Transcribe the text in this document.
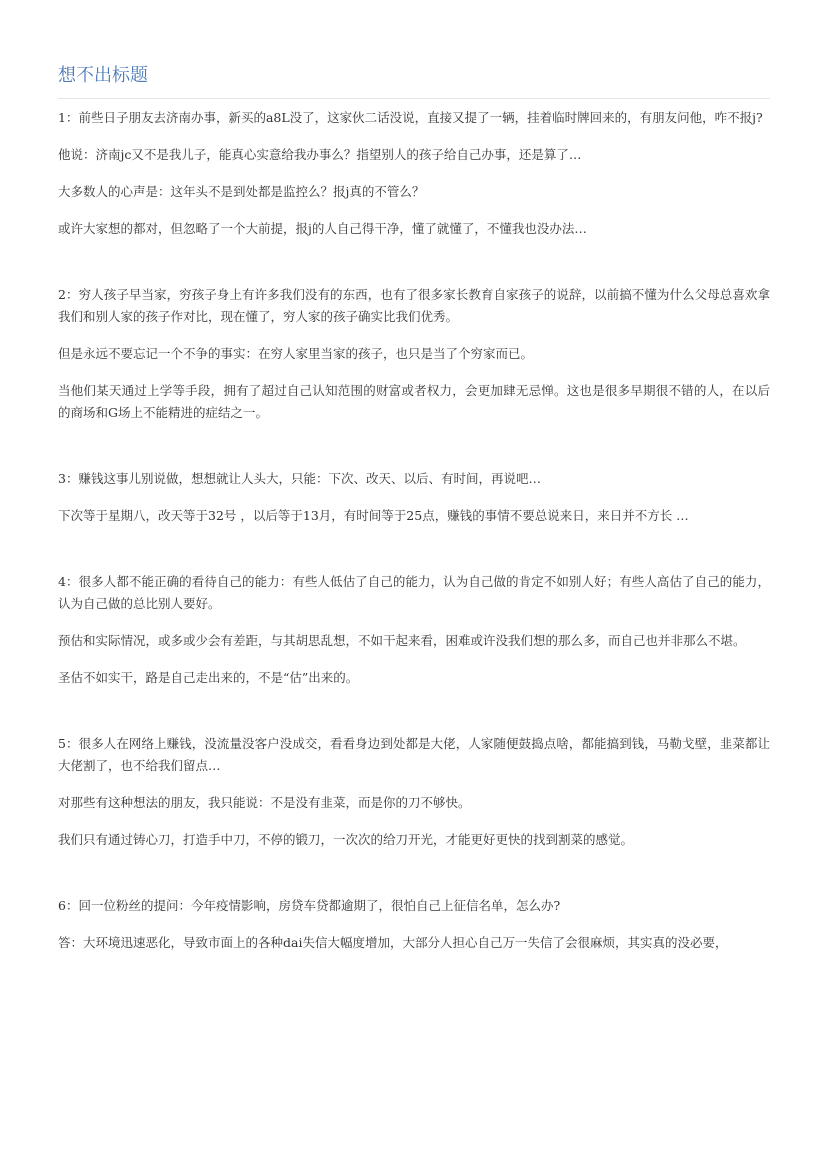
想不出标题

1：前些日子朋友去济南办事，新买的a8L没了，这家伙二话没说，直接又提了一辆，挂着临时牌回来的，有朋友问他，咋不报j?

他说：济南jc又不是我儿子，能真心实意给我办事么？指望别人的孩子给自己办事，还是算了…

大多数人的心声是：这年头不是到处都是监控么？报j真的不管么？

或许大家想的都对，但忽略了一个大前提，报j的人自己得干净，懂了就懂了，不懂我也没办法…

2：穷人孩子早当家，穷孩子身上有许多我们没有的东西，也有了很多家长教育自家孩子的说辞，以前搞不懂为什么父母总喜欢拿我们和别人家的孩子作对比，现在懂了，穷人家的孩子确实比我们优秀。

但是永远不要忘记一个不争的事实：在穷人家里当家的孩子，也只是当了个穷家而已。

当他们某天通过上学等手段，拥有了超过自己认知范围的财富或者权力，会更加肆无忌惮。这也是很多早期很不错的人，在以后的商场和G场上不能精进的症结之一。

3：赚钱这事儿别说做，想想就让人头大，只能：下次、改天、以后、有时间，再说吧…

下次等于星期八，改天等于32号 ，以后等于13月，有时间等于25点，赚钱的事情不要总说来日，来日并不方长 …

4：很多人都不能正确的看待自己的能力：有些人低估了自己的能力，认为自己做的肯定不如别人好；有些人高估了自己的能力，认为自己做的总比别人要好。

预估和实际情况，或多或少会有差距，与其胡思乱想，不如干起来看，困难或许没我们想的那么多，而自己也并非那么不堪。

圣估不如实干，路是自己走出来的，不是“估”出来的。

5：很多人在网络上赚钱，没流量没客户没成交，看看身边到处都是大佬，人家随便鼓捣点啥，都能搞到钱，马勒戈壁，韭菜都让大佬割了，也不给我们留点…

对那些有这种想法的朋友，我只能说：不是没有韭菜，而是你的刀不够快。

我们只有通过铸心刀，打造手中刀，不停的锻刀，一次次的给刀开光，才能更好更快的找到割菜的感觉。

6：回一位粉丝的提问：今年疫情影响，房贷车贷都逾期了，很怕自己上征信名单，怎么办?

答：大环境迅速恶化，导致市面上的各种dai失信大幅度增加，大部分人担心自己万一失信了会很麻烦，其实真的没必要，
